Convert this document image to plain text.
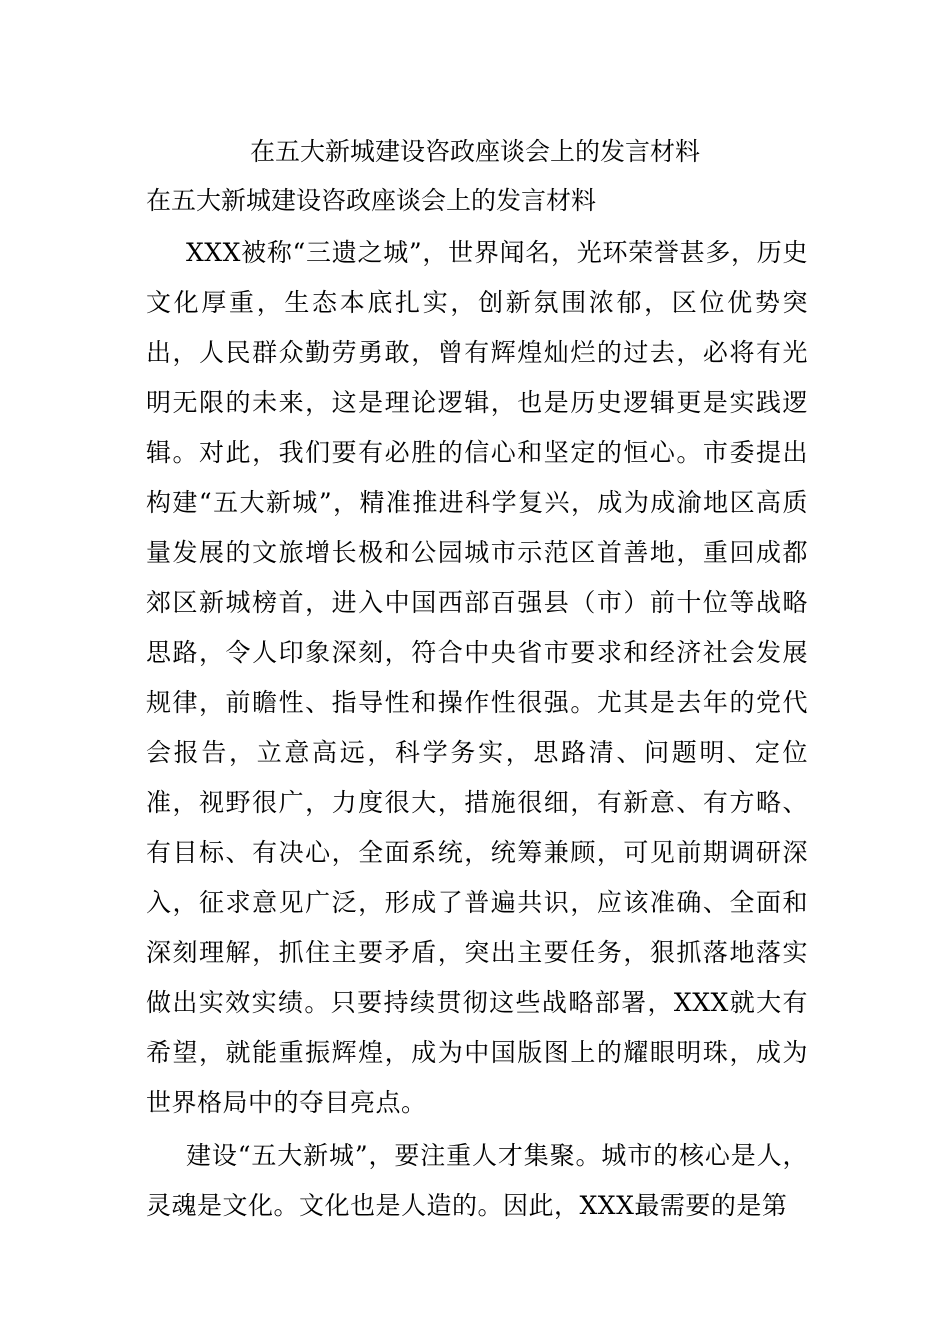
在五大新城建设咨政座谈会上的发言材料
在五大新城建设咨政座谈会上的发言材料

XXX被称“三遗之城”，世界闻名，光环荣誉甚多，历史文化厚重，生态本底扎实，创新氛围浓郁，区位优势突出，人民群众勤劳勇敢，曾有辉煌灿烂的过去，必将有光明无限的未来，这是理论逻辑，也是历史逻辑更是实践逻辑。对此，我们要有必胜的信心和坚定的恒心。市委提出构建“五大新城”，精准推进科学复兴，成为成渝地区高质量发展的文旅增长极和公园城市示范区首善地，重回成都郊区新城榜首，进入中国西部百强县（市）前十位等战略思路，令人印象深刻，符合中央省市要求和经济社会发展规律，前瞻性、指导性和操作性很强。尤其是去年的党代会报告，立意高远，科学务实，思路清、问题明、定位准，视野很广，力度很大，措施很细，有新意、有方略、有目标、有决心，全面系统，统筹兼顾，可见前期调研深入，征求意见广泛，形成了普遍共识，应该准确、全面和深刻理解，抓住主要矛盾，突出主要任务，狠抓落地落实做出实效实绩。只要持续贯彻这些战略部署，XXX就大有希望，就能重振辉煌，成为中国版图上的耀眼明珠，成为世界格局中的夺目亮点。

建设“五大新城”，要注重人才集聚。城市的核心是人，灵魂是文化。文化也是人造的。因此，XXX最需要的是第
